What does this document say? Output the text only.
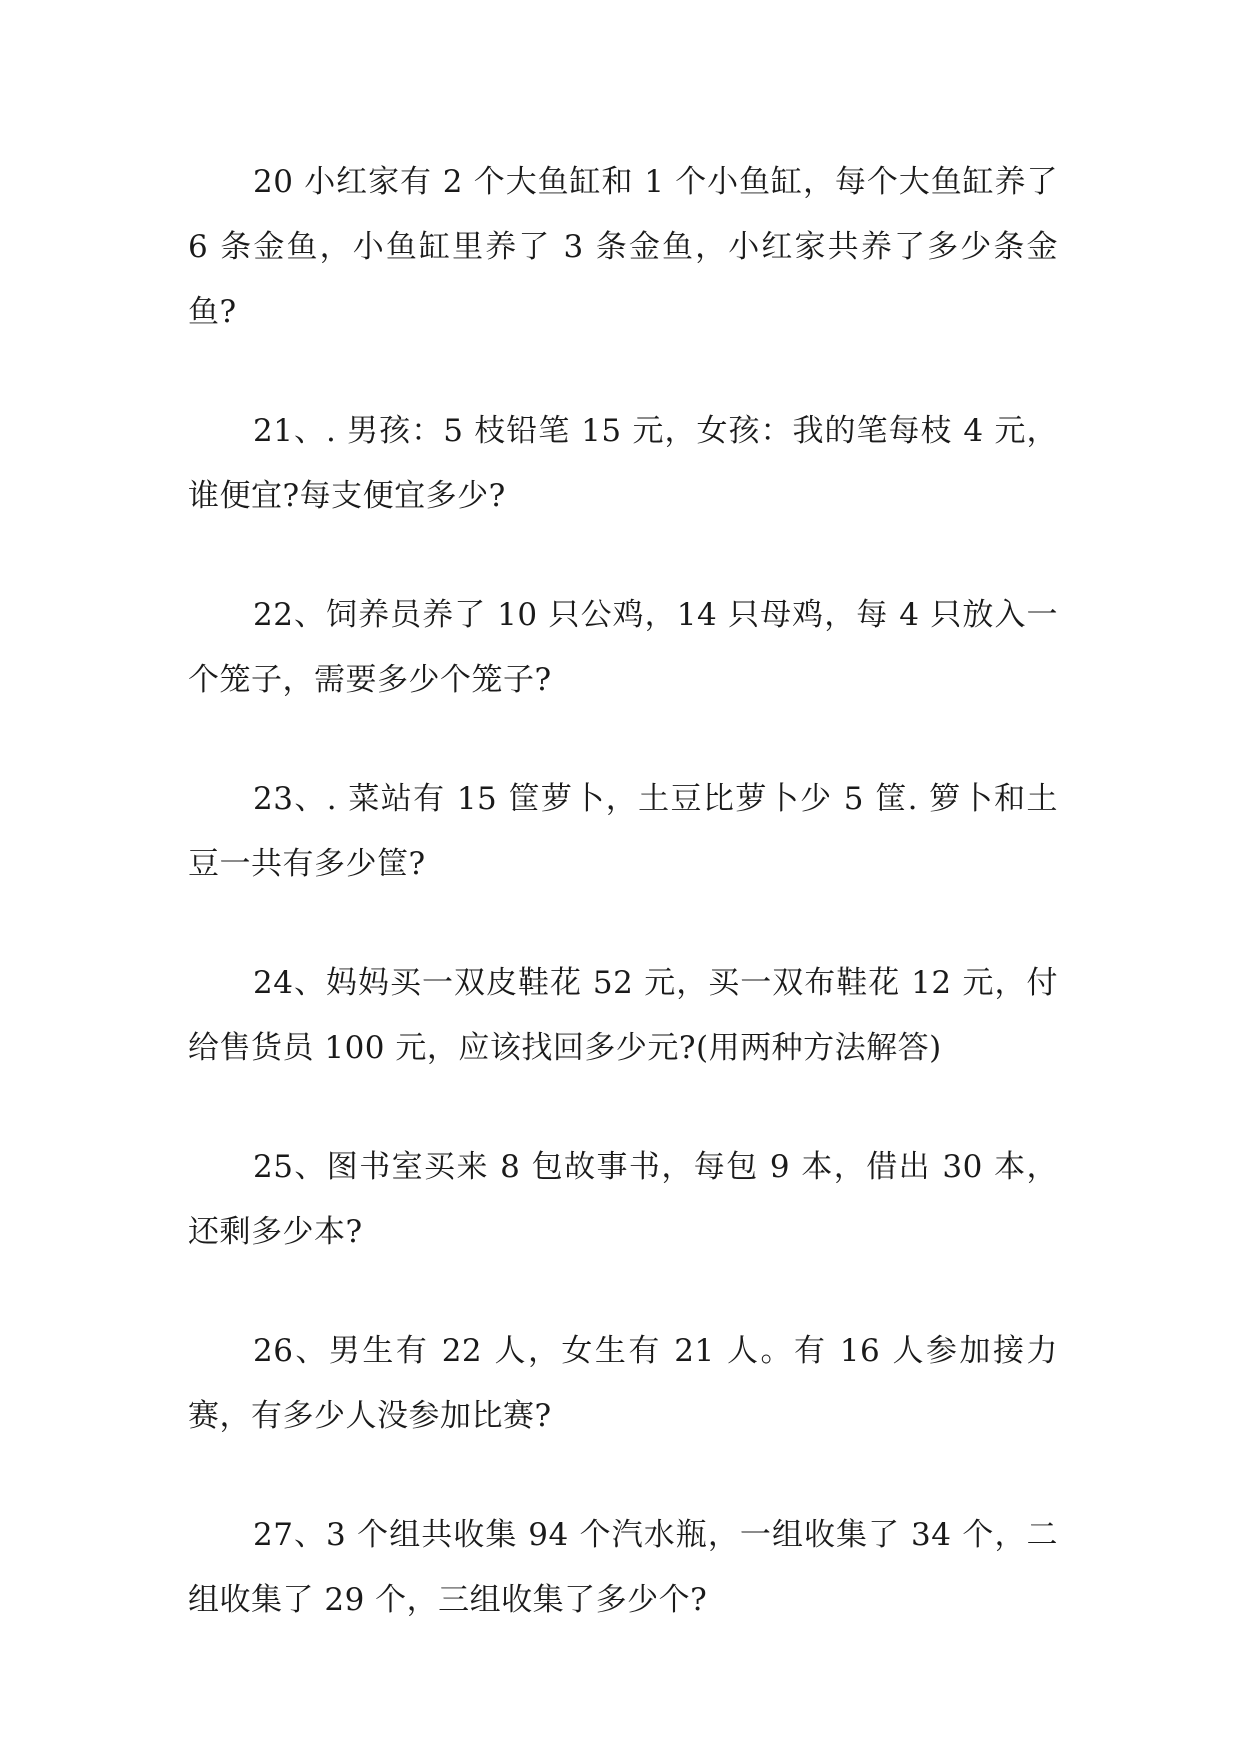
20 小红家有 2 个大鱼缸和 1 个小鱼缸，每个大鱼缸养了 6 条金鱼，小鱼缸里养了 3 条金鱼，小红家共养了多少条金鱼?

21、. 男孩：5 枝铅笔 15 元，女孩：我的笔每枝 4 元，谁便宜?每支便宜多少?

22、饲养员养了 10 只公鸡，14 只母鸡，每 4 只放入一个笼子，需要多少个笼子?

23、. 菜站有 15 筐萝卜，土豆比萝卜少 5 筐. 箩卜和土豆一共有多少筐?

24、妈妈买一双皮鞋花 52 元，买一双布鞋花 12 元，付给售货员 100 元，应该找回多少元?(用两种方法解答)

25、图书室买来 8 包故事书，每包 9 本，借出 30 本，还剩多少本?

26、男生有 22 人，女生有 21 人。有 16 人参加接力赛，有多少人没参加比赛?

27、3 个组共收集 94 个汽水瓶，一组收集了 34 个，二组收集了 29 个，三组收集了多少个?
